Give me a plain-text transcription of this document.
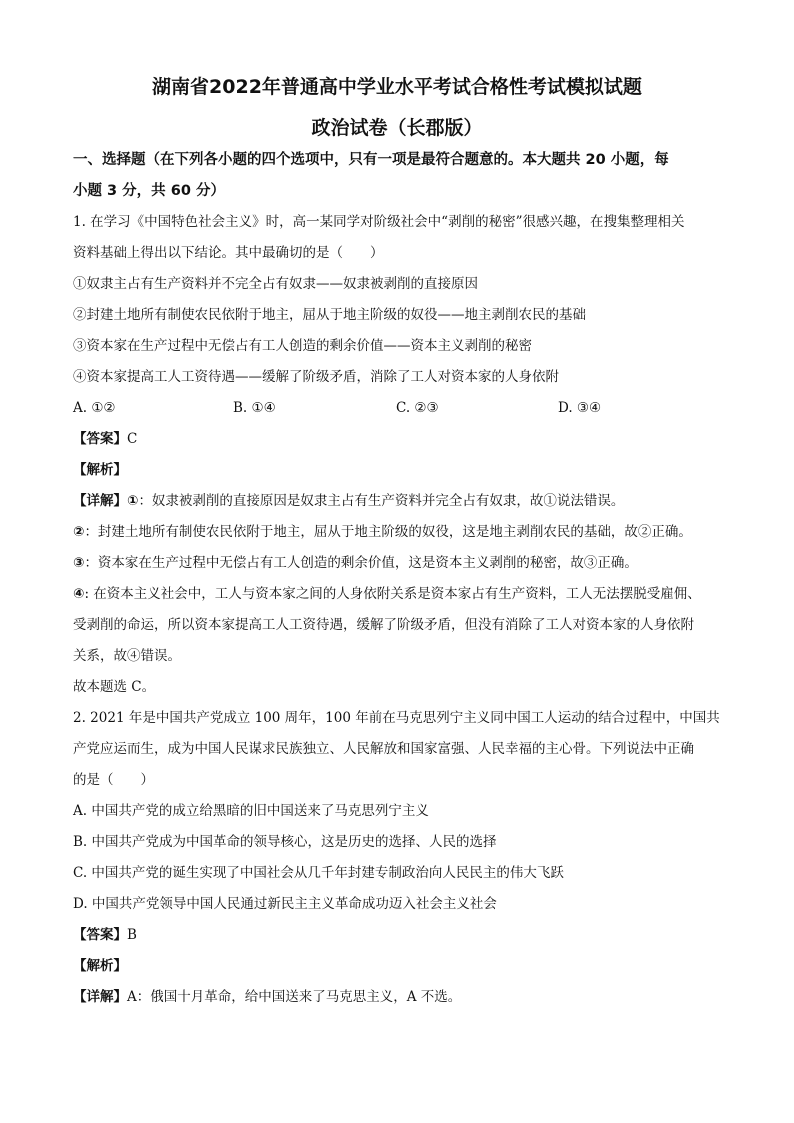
湖南省2022年普通高中学业水平考试合格性考试模拟试题
政治试卷（长郡版）
一、选择题（在下列各小题的四个选项中，只有一项是最符合题意的。本大题共 20 小题，每
小题 3 分，共 60 分）
1. 在学习《中国特色社会主义》时，高一某同学对阶级社会中“剥削的秘密”很感兴趣，在搜集整理相关
资料基础上得出以下结论。其中最确切的是（　　）
①奴隶主占有生产资料并不完全占有奴隶——奴隶被剥削的直接原因
②封建土地所有制使农民依附于地主，屈从于地主阶级的奴役——地主剥削农民的基础
③资本家在生产过程中无偿占有工人创造的剩余价值——资本主义剥削的秘密
④资本家提高工人工资待遇——缓解了阶级矛盾，消除了工人对资本家的人身依附
A. ①②	B. ①④	C. ②③	D. ③④
【答案】C
【解析】
【详解】①：奴隶被剥削的直接原因是奴隶主占有生产资料并完全占有奴隶，故①说法错误。
②：封建土地所有制使农民依附于地主，屈从于地主阶级的奴役，这是地主剥削农民的基础，故②正确。
③：资本家在生产过程中无偿占有工人创造的剩余价值，这是资本主义剥削的秘密，故③正确。
④: 在资本主义社会中，工人与资本家之间的人身依附关系是资本家占有生产资料，工人无法摆脱受雇佣、
受剥削的命运，所以资本家提高工人工资待遇，缓解了阶级矛盾，但没有消除了工人对资本家的人身依附
关系，故④错误。
故本题选 C。
2. 2021 年是中国共产党成立 100 周年，100 年前在马克思列宁主义同中国工人运动的结合过程中，中国共
产党应运而生，成为中国人民谋求民族独立、人民解放和国家富强、人民幸福的主心骨。下列说法中正确
的是（　　）
A. 中国共产党的成立给黑暗的旧中国送来了马克思列宁主义
B. 中国共产党成为中国革命的领导核心，这是历史的选择、人民的选择
C. 中国共产党的诞生实现了中国社会从几千年封建专制政治向人民民主的伟大飞跃
D. 中国共产党领导中国人民通过新民主主义革命成功迈入社会主义社会
【答案】B
【解析】
【详解】A：俄国十月革命，给中国送来了马克思主义，A 不选。
